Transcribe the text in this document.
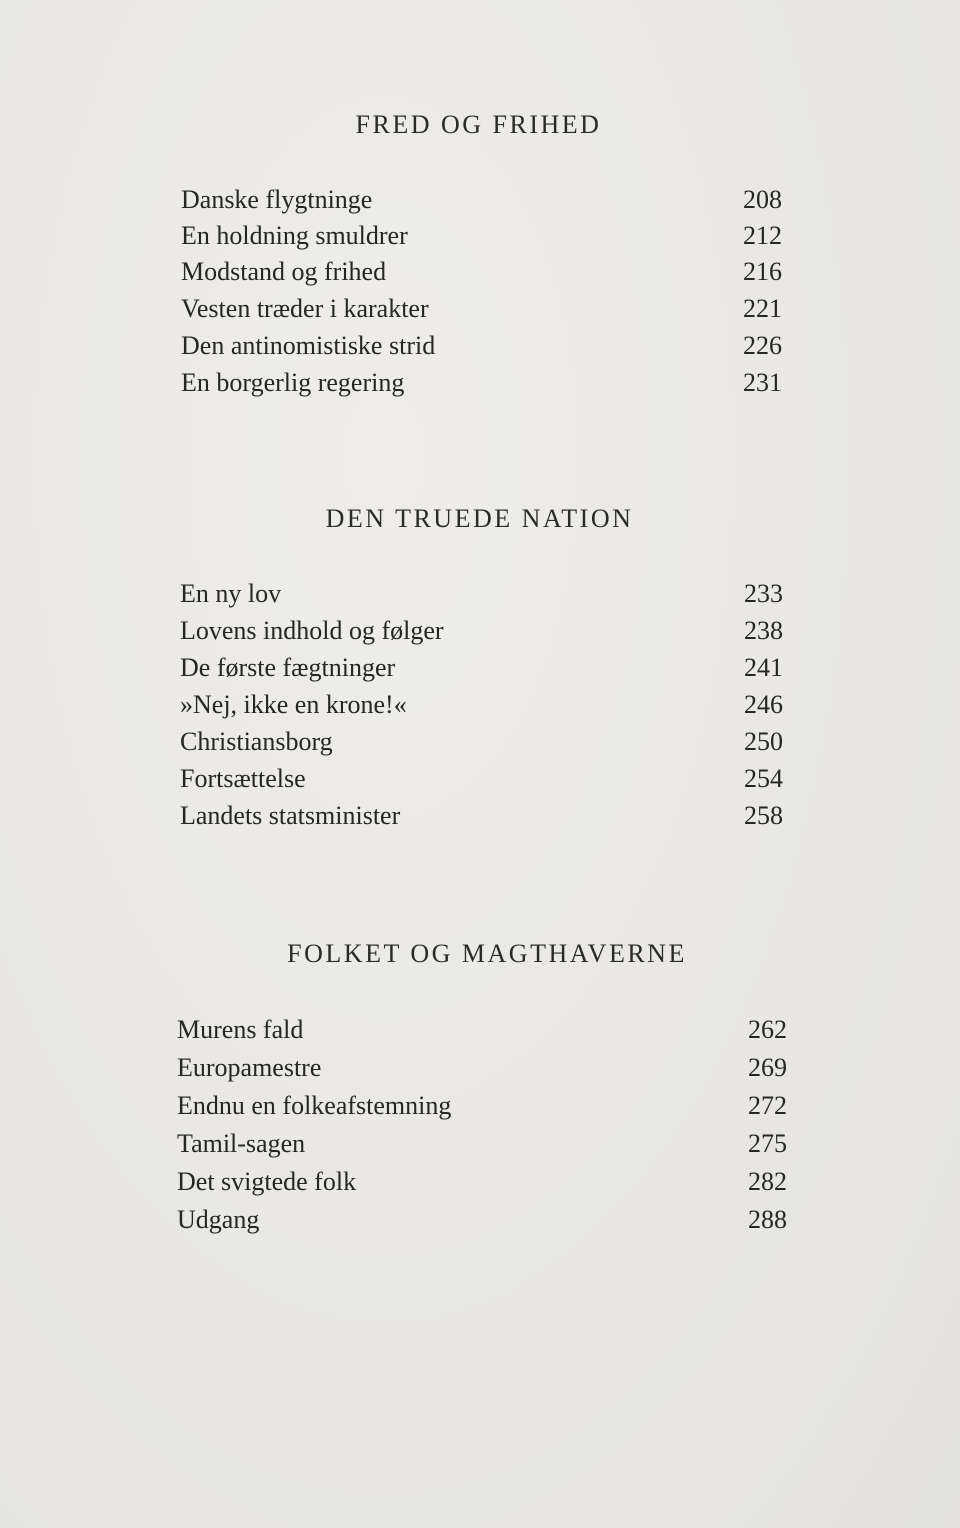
FRED OG FRIHED
Danske flygtninge	208
En holdning smuldrer	212
Modstand og frihed	216
Vesten træder i karakter	221
Den antinomistiske strid	226
En borgerlig regering	231
DEN TRUEDE NATION
En ny lov	233
Lovens indhold og følger	238
De første fægtninger	241
»Nej, ikke en krone!«	246
Christiansborg	250
Fortsættelse	254
Landets statsminister	258
FOLKET OG MAGTHAVERNE
Murens fald	262
Europamestre	269
Endnu en folkeafstemning	272
Tamil-sagen	275
Det svigtede folk	282
Udgang	288
